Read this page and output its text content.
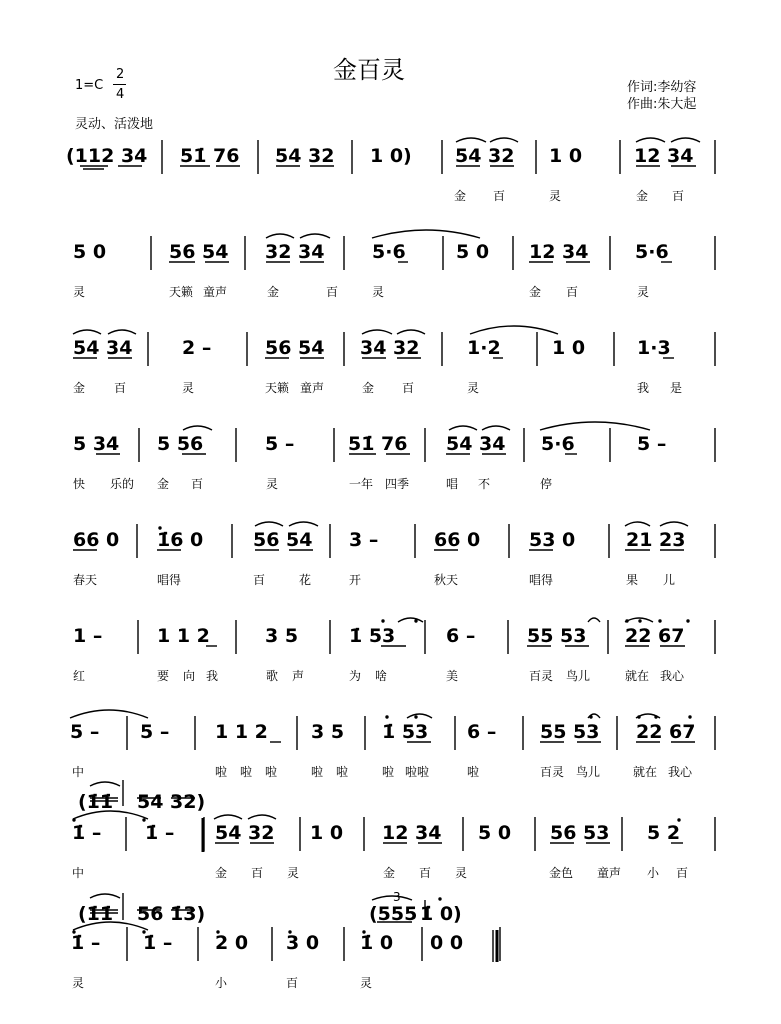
金百灵
1=C
2
4	作词:李幼容
作曲:朱大起
灵动、活泼地
(112 34 51̇ 76 54 32 1 0) 54 32 1 0	12 34
金 百	灵	金 百
5 0	56 54 32 34	5·6	5 0 12 34 5·6
灵	天籁 童声	金	百	灵	金 百	灵
54 34	2 –	56 54 34 32	1·2	1 0	1·3
金 百	灵	天籁 童声	金 百	灵	我 是
5 34 5 56	5 –	51̇ 76 54 34 5·6	5 –
快 乐的 金 百	灵	一年 四季	唱 不	停
66 0 1̇6 0	56 54 3 –	66 0	53 0	21 23
春天	唱得	百	花	开	秋天	唱得	果 儿
1 –	1 1 2	3 5	1̇ 53	6 –	55 53 22 67
红	要 向 我	歌 声	为 啥	美	百灵 鸟儿	就在 我心
5 – 5 – 1 1 2 3 5 1̇ 53 6 – 55 53 22 67
中	啦 啦 啦	啦 啦	啦 啦啦	啦	百灵 鸟儿	就在 我心
1̇ – 1̇ – 54 32 1 0 12 34 5 0 56 53 5 2
中	金 百 灵	金 百 灵	金色 童声 小 百
(1̇1̇ 54 32)
1̇ – 1̇ – 2 0 3 0 1̇ 0 0 0
灵	小	百	灵
(1̇1̇ 56 1̇3)	(555 1̇ 0)
3
